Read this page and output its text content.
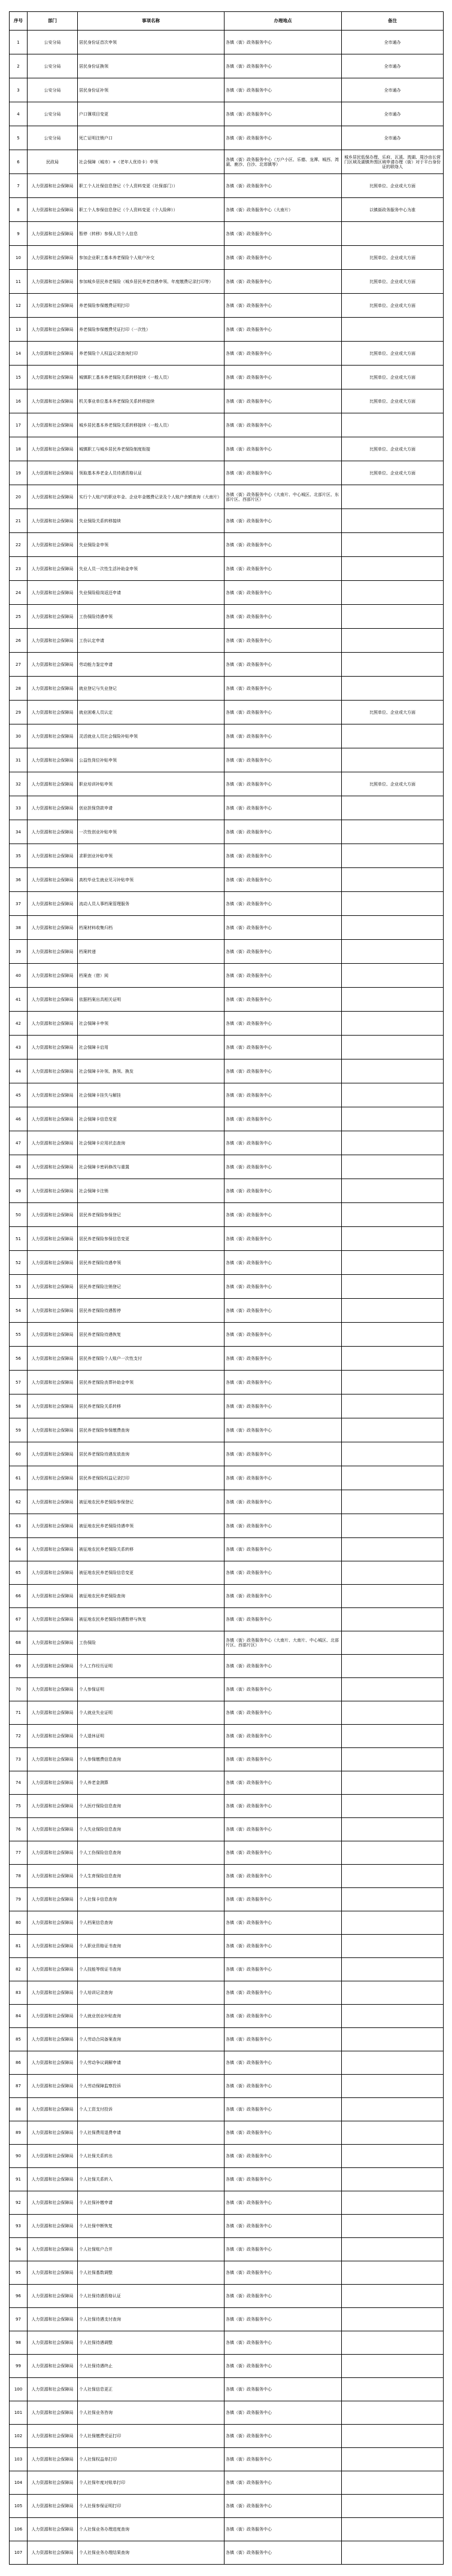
序号	部门	事项名称	办理地点	备注
1	公安分局	居民身份证首次申领	各镇（街）政务服务中心	全市通办
2	公安分局	居民身份证换领	各镇（街）政务服务中心	全市通办
3	公安分局	居民身份证补领	各镇（街）政务服务中心	全市通办
4	公安分局	户口簿项目变更	各镇（街）政务服务中心	全市通办
5	公安分局	死亡证明注销户口	各镇（街）政务服务中心	全市通办
6	民政局	社会保障（城市）+（老年人优待卡）申领	各镇（街）政务服务中心（万户小区、乐德、龙潭、城西、湾湖、鹿沙、白沙、北郊镇等）	城乡居民低保办理、乐府、瓦溪、湾湖、周沙由长营门区域及湖镇外围区域申请办理（街）对于平台身份证的联络人
7	人力资源和社会保障局	职工个人社保信息登记（个人资料变更（社保部门））	各镇（街）政务服务中心	比照单位、企业或大方面
8	人力资源和社会保障局	职工个人参保信息登记（个人资料变更（个人险种））	各镇（街）政务服务中心（大南片）	以镇街政务服务中心为准
9	人力资源和社会保障局	暂停（转移）参保人员个人信息	各镇（街）政务服务中心	
10	人力资源和社会保障局	参加企业职工基本养老保险个人账户补交	各镇（街）政务服务中心	比照单位、企业或大方面
11	人力资源和社会保障局	参加城乡居民养老保险（城乡居民养老待遇申领、年度缴费记录打印等）	各镇（街）政务服务中心	比照单位、企业或大方面
12	人力资源和社会保障局	养老保险参保缴费证明打印	各镇（街）政务服务中心	比照单位、企业或大方面
13	人力资源和社会保障局	养老保险参保缴费凭证打印（一次性）	各镇（街）政务服务中心	
14	人力资源和社会保障局	养老保险个人权益记录查询打印	各镇（街）政务服务中心	比照单位、企业或大方面
15	人力资源和社会保障局	城镇职工基本养老保险关系转移接续（一般人员）	各镇（街）政务服务中心	比照单位、企业或大方面
16	人力资源和社会保障局	机关事业单位基本养老保险关系转移接续	各镇（街）政务服务中心	比照单位、企业或大方面
17	人力资源和社会保障局	城乡居民基本养老保险关系转移接续（一般人员）	各镇（街）政务服务中心	
18	人力资源和社会保障局	城镇职工与城乡居民养老保险制度衔接	各镇（街）政务服务中心	比照单位、企业或大方面
19	人力资源和社会保障局	领取基本养老金人员待遇资格认证	各镇（街）政务服务中心	比照单位、企业或大方面
20	人力资源和社会保障局	实行个人账户的职业年金、企业年金缴费记录及个人账户余额查询（大南片）	各镇（街）政务服务中心（大南片、中心城区、北部片区、东部片区、西部片区）	
21	人力资源和社会保障局	失业保险关系转移接续	各镇（街）政务服务中心	
22	人力资源和社会保障局	失业保险金申领	各镇（街）政务服务中心	
23	人力资源和社会保障局	失业人员一次性生活补助金申领	各镇（街）政务服务中心	
24	人力资源和社会保障局	失业保险稳岗返还申请	各镇（街）政务服务中心	
25	人力资源和社会保障局	工伤保险待遇申领	各镇（街）政务服务中心	
26	人力资源和社会保障局	工伤认定申请	各镇（街）政务服务中心	
27	人力资源和社会保障局	劳动能力鉴定申请	各镇（街）政务服务中心	
28	人力资源和社会保障局	就业登记与失业登记	各镇（街）政务服务中心	
29	人力资源和社会保障局	就业困难人员认定	各镇（街）政务服务中心	比照单位、企业或大方面
30	人力资源和社会保障局	灵活就业人员社会保险补贴申领	各镇（街）政务服务中心	
31	人力资源和社会保障局	公益性岗位补贴申领	各镇（街）政务服务中心	
32	人力资源和社会保障局	职业培训补贴申领	各镇（街）政务服务中心	比照单位、企业或大方面
33	人力资源和社会保障局	创业担保贷款申请	各镇（街）政务服务中心	
34	人力资源和社会保障局	一次性创业补贴申领	各镇（街）政务服务中心	
35	人力资源和社会保障局	求职创业补贴申领	各镇（街）政务服务中心	
36	人力资源和社会保障局	高校毕业生就业见习补贴申领	各镇（街）政务服务中心	
37	人力资源和社会保障局	流动人员人事档案管理服务	各镇（街）政务服务中心	
38	人力资源和社会保障局	档案材料收集归档	各镇（街）政务服务中心	
39	人力资源和社会保障局	档案转递	各镇（街）政务服务中心	
40	人力资源和社会保障局	档案查（借）阅	各镇（街）政务服务中心	
41	人力资源和社会保障局	依据档案出具相关证明	各镇（街）政务服务中心	
42	人力资源和社会保障局	社会保障卡申领	各镇（街）政务服务中心	
43	人力资源和社会保障局	社会保障卡启用	各镇（街）政务服务中心	
44	人力资源和社会保障局	社会保障卡补领、换领、换发	各镇（街）政务服务中心	
45	人力资源和社会保障局	社会保障卡挂失与解挂	各镇（街）政务服务中心	
46	人力资源和社会保障局	社会保障卡信息变更	各镇（街）政务服务中心	
47	人力资源和社会保障局	社会保障卡应用状态查询	各镇（街）政务服务中心	
48	人力资源和社会保障局	社会保障卡密码修改与重置	各镇（街）政务服务中心	
49	人力资源和社会保障局	社会保障卡注销	各镇（街）政务服务中心	
50	人力资源和社会保障局	居民养老保险参保登记	各镇（街）政务服务中心	
51	人力资源和社会保障局	居民养老保险参保信息变更	各镇（街）政务服务中心	
52	人力资源和社会保障局	居民养老保险待遇申领	各镇（街）政务服务中心	
53	人力资源和社会保障局	居民养老保险注销登记	各镇（街）政务服务中心	
54	人力资源和社会保障局	居民养老保险待遇暂停	各镇（街）政务服务中心	
55	人力资源和社会保障局	居民养老保险待遇恢复	各镇（街）政务服务中心	
56	人力资源和社会保障局	居民养老保险个人账户一次性支付	各镇（街）政务服务中心	
57	人力资源和社会保障局	居民养老保险丧葬补助金申领	各镇（街）政务服务中心	
58	人力资源和社会保障局	居民养老保险关系转移	各镇（街）政务服务中心	
59	人力资源和社会保障局	居民养老保险参保缴费查询	各镇（街）政务服务中心	
60	人力资源和社会保障局	居民养老保险待遇发放查询	各镇（街）政务服务中心	
61	人力资源和社会保障局	居民养老保险权益记录打印	各镇（街）政务服务中心	
62	人力资源和社会保障局	被征地农民养老保险参保登记	各镇（街）政务服务中心	
63	人力资源和社会保障局	被征地农民养老保险待遇申领	各镇（街）政务服务中心	
64	人力资源和社会保障局	被征地农民养老保险关系转移	各镇（街）政务服务中心	
65	人力资源和社会保障局	被征地农民养老保险信息变更	各镇（街）政务服务中心	
66	人力资源和社会保障局	被征地农民养老保险查询	各镇（街）政务服务中心	
67	人力资源和社会保障局	被征地农民养老保险待遇暂停与恢复	各镇（街）政务服务中心	
68	人力资源和社会保障局	工伤保险	各镇（街）政务服务中心（大南片、大南片、中心城区、北部片区、西部片区）	
69	人力资源和社会保障局	个人工作经历证明	各镇（街）政务服务中心	
70	人力资源和社会保障局	个人参保证明	各镇（街）政务服务中心	
71	人力资源和社会保障局	个人就业失业证明	各镇（街）政务服务中心	
72	人力资源和社会保障局	个人退休证明	各镇（街）政务服务中心	
73	人力资源和社会保障局	个人参保缴费信息查询	各镇（街）政务服务中心	
74	人力资源和社会保障局	个人养老金测算	各镇（街）政务服务中心	
75	人力资源和社会保障局	个人医疗保险信息查询	各镇（街）政务服务中心	
76	人力资源和社会保障局	个人失业保险信息查询	各镇（街）政务服务中心	
77	人力资源和社会保障局	个人工伤保险信息查询	各镇（街）政务服务中心	
78	人力资源和社会保障局	个人生育保险信息查询	各镇（街）政务服务中心	
79	人力资源和社会保障局	个人社保卡信息查询	各镇（街）政务服务中心	
80	人力资源和社会保障局	个人档案信息查询	各镇（街）政务服务中心	
81	人力资源和社会保障局	个人职业资格证书查询	各镇（街）政务服务中心	
82	人力资源和社会保障局	个人技能等级证书查询	各镇（街）政务服务中心	
83	人力资源和社会保障局	个人培训记录查询	各镇（街）政务服务中心	
84	人力资源和社会保障局	个人就业创业补贴查询	各镇（街）政务服务中心	
85	人力资源和社会保障局	个人劳动合同备案查询	各镇（街）政务服务中心	
86	人力资源和社会保障局	个人劳动争议调解申请	各镇（街）政务服务中心	
87	人力资源和社会保障局	个人劳动保障监察投诉	各镇（街）政务服务中心	
88	人力资源和社会保障局	个人工资支付投诉	各镇（街）政务服务中心	
89	人力资源和社会保障局	个人社保费用退费申请	各镇（街）政务服务中心	
90	人力资源和社会保障局	个人社保关系转出	各镇（街）政务服务中心	
91	人力资源和社会保障局	个人社保关系转入	各镇（街）政务服务中心	
92	人力资源和社会保障局	个人社保补缴申请	各镇（街）政务服务中心	
93	人力资源和社会保障局	个人社保中断恢复	各镇（街）政务服务中心	
94	人力资源和社会保障局	个人社保账户合并	各镇（街）政务服务中心	
95	人力资源和社会保障局	个人社保基数调整	各镇（街）政务服务中心	
96	人力资源和社会保障局	个人社保待遇资格认证	各镇（街）政务服务中心	
97	人力资源和社会保障局	个人社保待遇支付查询	各镇（街）政务服务中心	
98	人力资源和社会保障局	个人社保待遇调整	各镇（街）政务服务中心	
99	人力资源和社会保障局	个人社保待遇终止	各镇（街）政务服务中心	
100	人力资源和社会保障局	个人社保信息更正	各镇（街）政务服务中心	
101	人力资源和社会保障局	个人社保业务咨询	各镇（街）政务服务中心	
102	人力资源和社会保障局	个人社保缴费凭证打印	各镇（街）政务服务中心	
103	人力资源和社会保障局	个人社保权益单打印	各镇（街）政务服务中心	
104	人力资源和社会保障局	个人社保年度对账单打印	各镇（街）政务服务中心	
105	人力资源和社会保障局	个人社保参保证明打印	各镇（街）政务服务中心	
106	人力资源和社会保障局	个人社保业务办理进度查询	各镇（街）政务服务中心	
107	人力资源和社会保障局	个人社保业务办理结果查询	各镇（街）政务服务中心	
